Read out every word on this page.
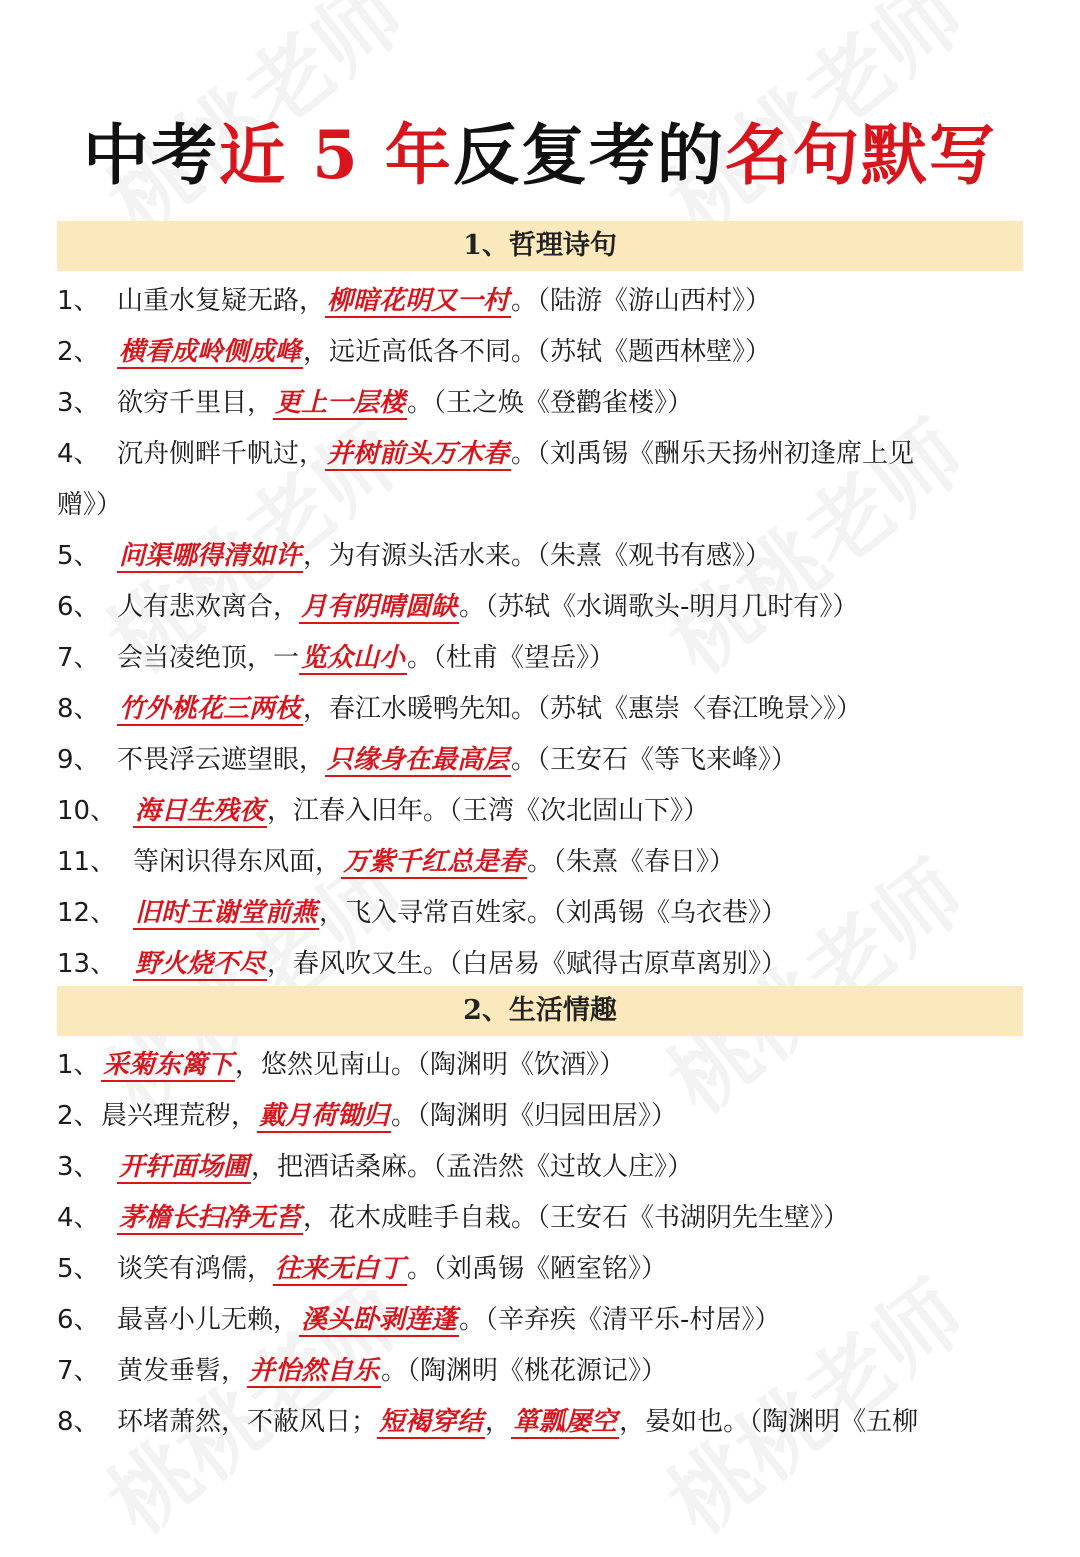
中考近 5 年反复考的名句默写
1、哲理诗句
1、 山重水复疑无路，柳暗花明又一村。（陆游《游山西村》）
2、 横看成岭侧成峰，远近高低各不同。（苏轼《题西林壁》）
3、 欲穷千里目，更上一层楼。（王之焕《登鹳雀楼》）
4、 沉舟侧畔千帆过，并树前头万木春。（刘禹锡《酬乐天扬州初逢席上见
赠》）
5、 问渠哪得清如许，为有源头活水来。（朱熹《观书有感》）
6、 人有悲欢离合，月有阴晴圆缺。（苏轼《水调歌头-明月几时有》）
7、 会当凌绝顶，一览众山小。（杜甫《望岳》）
8、 竹外桃花三两枝，春江水暖鸭先知。（苏轼《惠崇〈春江晚景〉》）
9、 不畏浮云遮望眼，只缘身在最高层。（王安石《等飞来峰》）
10、 海日生残夜，江春入旧年。（王湾《次北固山下》）
11、 等闲识得东风面，万紫千红总是春。（朱熹《春日》）
12、 旧时王谢堂前燕，飞入寻常百姓家。（刘禹锡《乌衣巷》）
13、 野火烧不尽，春风吹又生。（白居易《赋得古原草离别》）
2、生活情趣
1、 采菊东篱下，悠然见南山。（陶渊明《饮酒》）
2、晨兴理荒秽，戴月荷锄归。（陶渊明《归园田居》）
3、 开轩面场圃，把酒话桑麻。（孟浩然《过故人庄》）
4、 茅檐长扫净无苔，花木成畦手自栽。（王安石《书湖阴先生壁》）
5、 谈笑有鸿儒，往来无白丁。（刘禹锡《陋室铭》）
6、 最喜小儿无赖，溪头卧剥莲蓬。（辛弃疾《清平乐-村居》）
7、 黄发垂髫，并怡然自乐。（陶渊明《桃花源记》）
8、 环堵萧然，不蔽风日；短褐穿结，箪瓢屡空，晏如也。（陶渊明《五柳
